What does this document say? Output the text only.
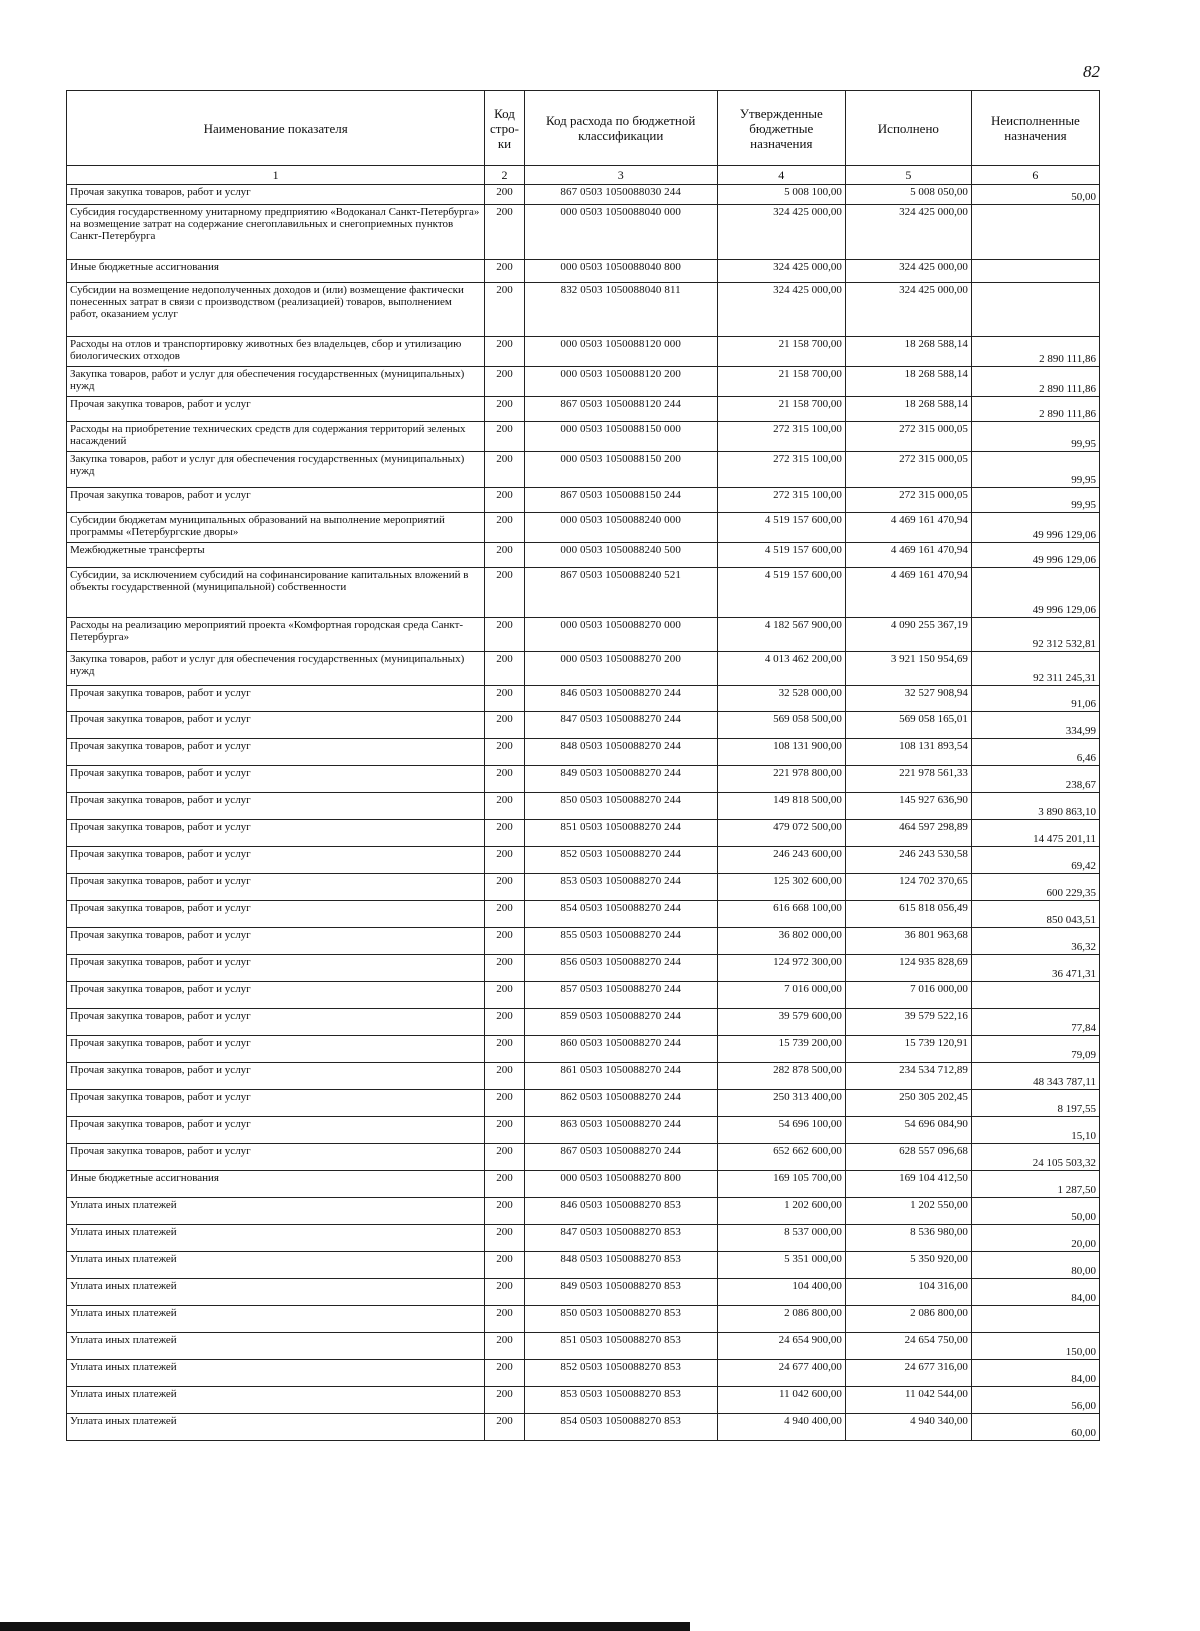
82
Наименование показателя	Код стро-ки	Код расхода по бюджетной классификации	Утвержденные бюджетные назначения	Исполнено	Неисполненные назначения
1	2	3	4	5	6
Прочая закупка товаров, работ и услуг	200	867 0503 1050088030 244	5 008 100,00	5 008 050,00	50,00
Субсидия государственному унитарному предприятию «Водоканал Санкт-Петербурга» на возмещение затрат на содержание снегоплавильных и снегоприемных пунктов Санкт-Петербурга	200	000 0503 1050088040 000	324 425 000,00	324 425 000,00	
Иные бюджетные ассигнования	200	000 0503 1050088040 800	324 425 000,00	324 425 000,00	
Субсидии на возмещение недополученных доходов и (или) возмещение фактически понесенных затрат в связи с производством (реализацией) товаров, выполнением работ, оказанием услуг	200	832 0503 1050088040 811	324 425 000,00	324 425 000,00	
Расходы на отлов и транспортировку животных без владельцев, сбор и утилизацию биологических отходов	200	000 0503 1050088120 000	21 158 700,00	18 268 588,14	2 890 111,86
Закупка товаров, работ и услуг для обеспечения государственных (муниципальных) нужд	200	000 0503 1050088120 200	21 158 700,00	18 268 588,14	2 890 111,86
Прочая закупка товаров, работ и услуг	200	867 0503 1050088120 244	21 158 700,00	18 268 588,14	2 890 111,86
Расходы на приобретение технических средств для содержания территорий зеленых насаждений	200	000 0503 1050088150 000	272 315 100,00	272 315 000,05	99,95
Закупка товаров, работ и услуг для обеспечения государственных (муниципальных) нужд	200	000 0503 1050088150 200	272 315 100,00	272 315 000,05	99,95
Прочая закупка товаров, работ и услуг	200	867 0503 1050088150 244	272 315 100,00	272 315 000,05	99,95
Субсидии бюджетам муниципальных образований на выполнение мероприятий программы «Петербургские дворы»	200	000 0503 1050088240 000	4 519 157 600,00	4 469 161 470,94	49 996 129,06
Межбюджетные трансферты	200	000 0503 1050088240 500	4 519 157 600,00	4 469 161 470,94	49 996 129,06
Субсидии, за исключением субсидий на софинансирование капитальных вложений в объекты государственной (муниципальной) собственности	200	867 0503 1050088240 521	4 519 157 600,00	4 469 161 470,94	49 996 129,06
Расходы на реализацию мероприятий проекта «Комфортная городская среда Санкт-Петербурга»	200	000 0503 1050088270 000	4 182 567 900,00	4 090 255 367,19	92 312 532,81
Закупка товаров, работ и услуг для обеспечения государственных (муниципальных) нужд	200	000 0503 1050088270 200	4 013 462 200,00	3 921 150 954,69	92 311 245,31
Прочая закупка товаров, работ и услуг	200	846 0503 1050088270 244	32 528 000,00	32 527 908,94	91,06
Прочая закупка товаров, работ и услуг	200	847 0503 1050088270 244	569 058 500,00	569 058 165,01	334,99
Прочая закупка товаров, работ и услуг	200	848 0503 1050088270 244	108 131 900,00	108 131 893,54	6,46
Прочая закупка товаров, работ и услуг	200	849 0503 1050088270 244	221 978 800,00	221 978 561,33	238,67
Прочая закупка товаров, работ и услуг	200	850 0503 1050088270 244	149 818 500,00	145 927 636,90	3 890 863,10
Прочая закупка товаров, работ и услуг	200	851 0503 1050088270 244	479 072 500,00	464 597 298,89	14 475 201,11
Прочая закупка товаров, работ и услуг	200	852 0503 1050088270 244	246 243 600,00	246 243 530,58	69,42
Прочая закупка товаров, работ и услуг	200	853 0503 1050088270 244	125 302 600,00	124 702 370,65	600 229,35
Прочая закупка товаров, работ и услуг	200	854 0503 1050088270 244	616 668 100,00	615 818 056,49	850 043,51
Прочая закупка товаров, работ и услуг	200	855 0503 1050088270 244	36 802 000,00	36 801 963,68	36,32
Прочая закупка товаров, работ и услуг	200	856 0503 1050088270 244	124 972 300,00	124 935 828,69	36 471,31
Прочая закупка товаров, работ и услуг	200	857 0503 1050088270 244	7 016 000,00	7 016 000,00	
Прочая закупка товаров, работ и услуг	200	859 0503 1050088270 244	39 579 600,00	39 579 522,16	77,84
Прочая закупка товаров, работ и услуг	200	860 0503 1050088270 244	15 739 200,00	15 739 120,91	79,09
Прочая закупка товаров, работ и услуг	200	861 0503 1050088270 244	282 878 500,00	234 534 712,89	48 343 787,11
Прочая закупка товаров, работ и услуг	200	862 0503 1050088270 244	250 313 400,00	250 305 202,45	8 197,55
Прочая закупка товаров, работ и услуг	200	863 0503 1050088270 244	54 696 100,00	54 696 084,90	15,10
Прочая закупка товаров, работ и услуг	200	867 0503 1050088270 244	652 662 600,00	628 557 096,68	24 105 503,32
Иные бюджетные ассигнования	200	000 0503 1050088270 800	169 105 700,00	169 104 412,50	1 287,50
Уплата иных платежей	200	846 0503 1050088270 853	1 202 600,00	1 202 550,00	50,00
Уплата иных платежей	200	847 0503 1050088270 853	8 537 000,00	8 536 980,00	20,00
Уплата иных платежей	200	848 0503 1050088270 853	5 351 000,00	5 350 920,00	80,00
Уплата иных платежей	200	849 0503 1050088270 853	104 400,00	104 316,00	84,00
Уплата иных платежей	200	850 0503 1050088270 853	2 086 800,00	2 086 800,00	
Уплата иных платежей	200	851 0503 1050088270 853	24 654 900,00	24 654 750,00	150,00
Уплата иных платежей	200	852 0503 1050088270 853	24 677 400,00	24 677 316,00	84,00
Уплата иных платежей	200	853 0503 1050088270 853	11 042 600,00	11 042 544,00	56,00
Уплата иных платежей	200	854 0503 1050088270 853	4 940 400,00	4 940 340,00	60,00
